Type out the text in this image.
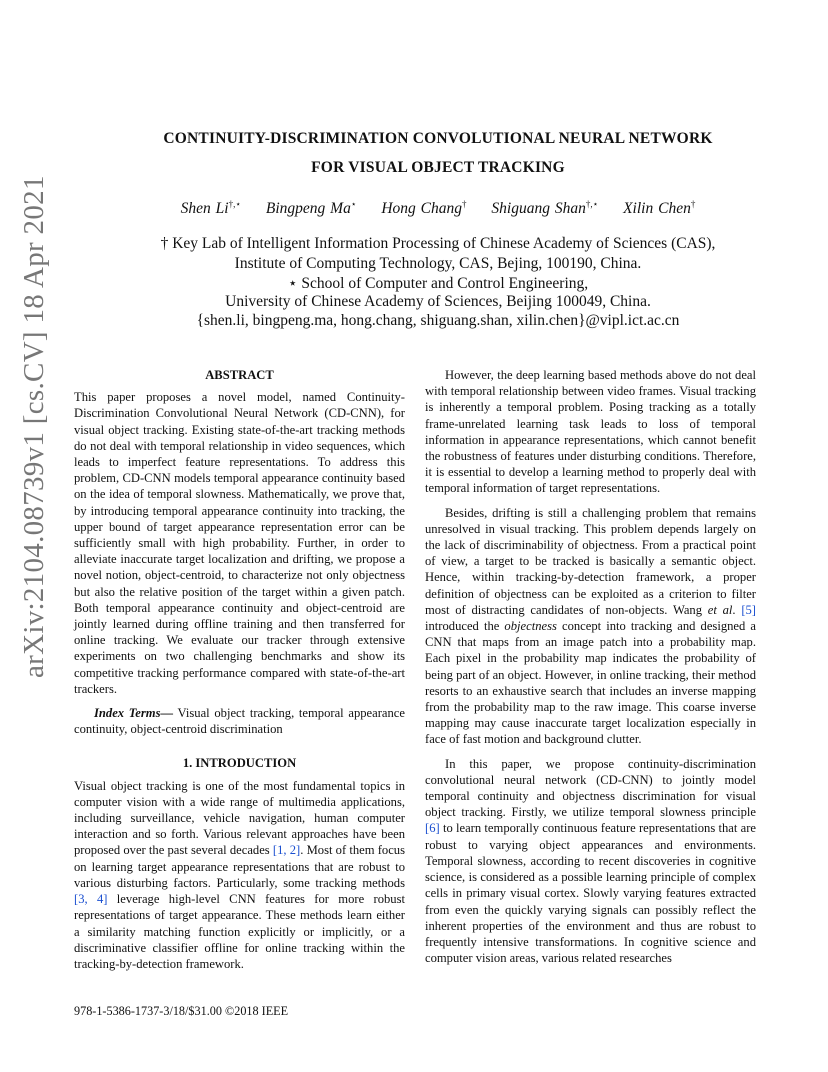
arXiv:2104.08739v1 [cs.CV] 18 Apr 2021
CONTINUITY-DISCRIMINATION CONVOLUTIONAL NEURAL NETWORK
FOR VISUAL OBJECT TRACKING
Shen Li†,⋆ Bingpeng Ma⋆ Hong Chang† Shiguang Shan†,⋆ Xilin Chen†
† Key Lab of Intelligent Information Processing of Chinese Academy of Sciences (CAS),
Institute of Computing Technology, CAS, Bejing, 100190, China.
⋆ School of Computer and Control Engineering,
University of Chinese Academy of Sciences, Beijing 100049, China.
{shen.li, bingpeng.ma, hong.chang, shiguang.shan, xilin.chen}@vipl.ict.ac.cn
ABSTRACT

This paper proposes a novel model, named Continuity-Discrimination Convolutional Neural Network (CD-CNN), for visual object tracking. Existing state-of-the-art tracking methods do not deal with temporal relationship in video sequences, which leads to imperfect feature representations. To address this problem, CD-CNN models temporal appearance continuity based on the idea of temporal slowness. Mathematically, we prove that, by introducing temporal appearance continuity into tracking, the upper bound of target appearance representation error can be sufficiently small with high probability. Further, in order to alleviate inaccurate target localization and drifting, we propose a novel notion, object-centroid, to characterize not only objectness but also the relative position of the target within a given patch. Both temporal appearance continuity and object-centroid are jointly learned during offline training and then transferred for online tracking. We evaluate our tracker through extensive experiments on two challenging benchmarks and show its competitive tracking performance compared with state-of-the-art trackers.

Index Terms— Visual object tracking, temporal appearance continuity, object-centroid discrimination

1. INTRODUCTION

Visual object tracking is one of the most fundamental topics in computer vision with a wide range of multimedia applications, including surveillance, vehicle navigation, human computer interaction and so forth. Various relevant approaches have been proposed over the past several decades [1, 2]. Most of them focus on learning target appearance representations that are robust to various disturbing factors. Particularly, some tracking methods [3, 4] leverage high-level CNN features for more robust representations of target appearance. These methods learn either a similarity matching function explicitly or implicitly, or a discriminative classifier offline for online tracking within the tracking-by-detection framework.

However, the deep learning based methods above do not deal with temporal relationship between video frames. Visual tracking is inherently a temporal problem. Posing tracking as a totally frame-unrelated learning task leads to loss of temporal information in appearance representations, which cannot benefit the robustness of features under disturbing conditions. Therefore, it is essential to develop a learning method to properly deal with temporal information of target representations.

Besides, drifting is still a challenging problem that remains unresolved in visual tracking. This problem depends largely on the lack of discriminability of objectness. From a practical point of view, a target to be tracked is basically a semantic object. Hence, within tracking-by-detection framework, a proper definition of objectness can be exploited as a criterion to filter most of distracting candidates of non-objects. Wang et al. [5] introduced the objectness concept into tracking and designed a CNN that maps from an image patch into a probability map. Each pixel in the probability map indicates the probability of being part of an object. However, in online tracking, their method resorts to an exhaustive search that includes an inverse mapping from the probability map to the raw image. This coarse inverse mapping may cause inaccurate target localization especially in face of fast motion and background clutter.

In this paper, we propose continuity-discrimination convolutional neural network (CD-CNN) to jointly model temporal continuity and objectness discrimination for visual object tracking. Firstly, we utilize temporal slowness principle [6] to learn temporally continuous feature representations that are robust to varying object appearances and environments. Temporal slowness, according to recent discoveries in cognitive science, is considered as a possible learning principle of complex cells in primary visual cortex. Slowly varying features extracted from even the quickly varying signals can possibly reflect the inherent properties of the environment and thus are robust to frequently intensive transformations. In cognitive science and computer vision areas, various related researches

978-1-5386-1737-3/18/$31.00 ©2018 IEEE
